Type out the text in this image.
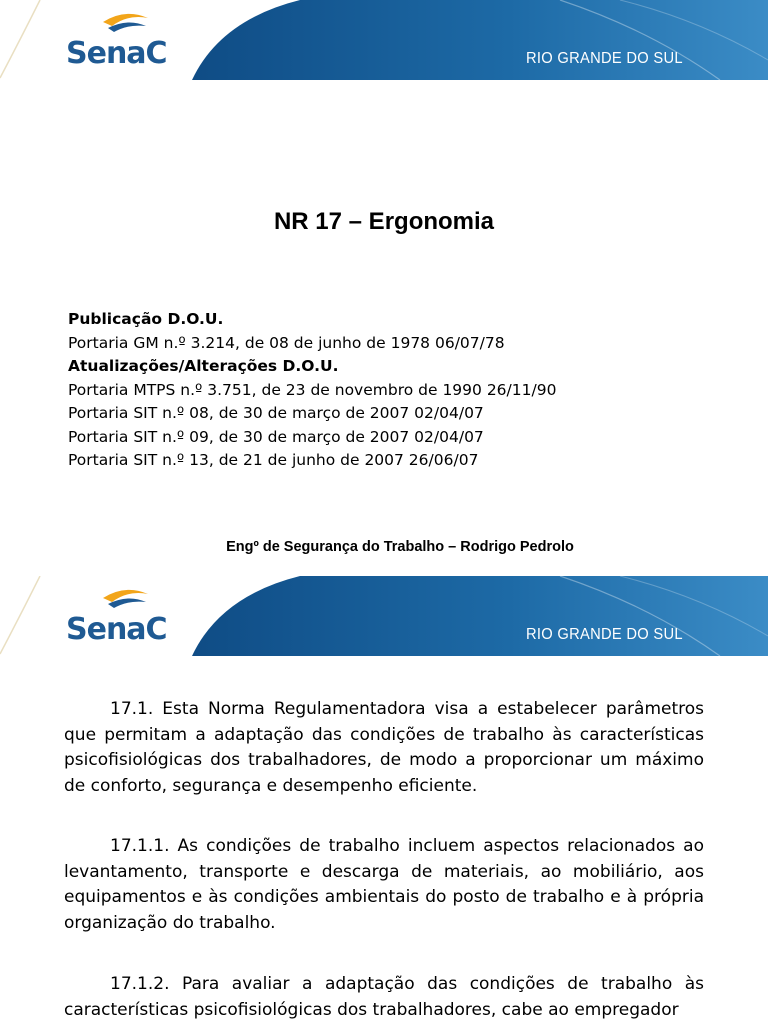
SenaC	RIO GRANDE DO SUL
NR 17 – Ergonomia
Publicação D.O.U.
Portaria GM n.º 3.214, de 08 de junho de 1978 06/07/78
Atualizações/Alterações D.O.U.
Portaria MTPS n.º 3.751, de 23 de novembro de 1990 26/11/90
Portaria SIT n.º 08, de 30 de março de 2007 02/04/07
Portaria SIT n.º 09, de 30 de março de 2007 02/04/07
Portaria SIT n.º 13, de 21 de junho de 2007 26/06/07
Engº de Segurança do Trabalho – Rodrigo Pedrolo
SenaC	RIO GRANDE DO SUL
17.1. Esta Norma Regulamentadora visa a estabelecer parâmetros que permitam a adaptação das condições de trabalho às características psicofisiológicas dos trabalhadores, de modo a proporcionar um máximo de conforto, segurança e desempenho eficiente.
17.1.1. As condições de trabalho incluem aspectos relacionados ao levantamento, transporte e descarga de materiais, ao mobiliário, aos equipamentos e às condições ambientais do posto de trabalho e à própria organização do trabalho.
17.1.2. Para avaliar a adaptação das condições de trabalho às características psicofisiológicas dos trabalhadores, cabe ao empregador
